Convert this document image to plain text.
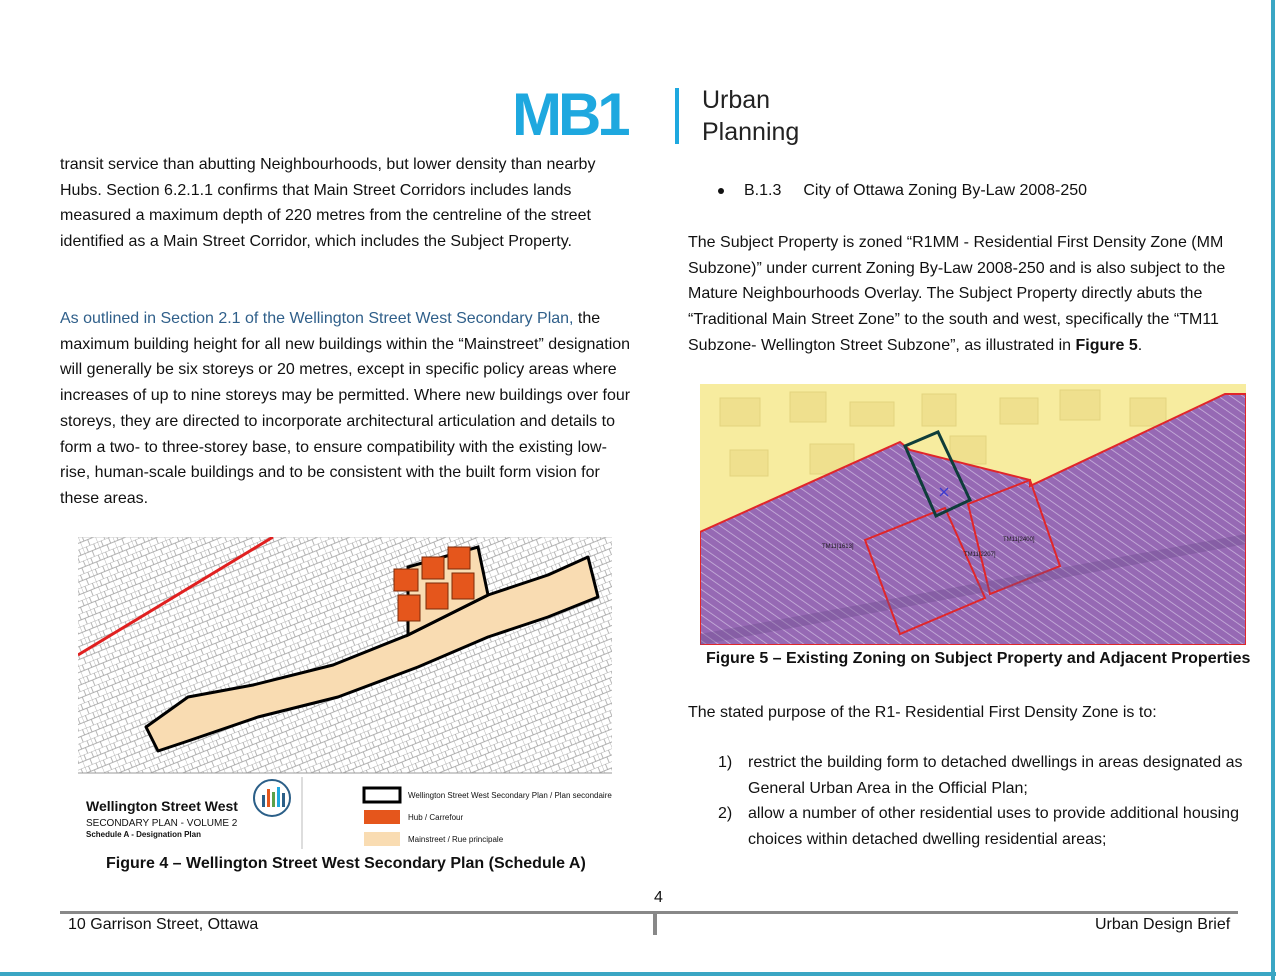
MB1	Urban
Planning

transit service than abutting Neighbourhoods, but lower density than nearby Hubs. Section 6.2.1.1 confirms that Main Street Corridors includes lands measured a maximum depth of 220 metres from the centreline of the street identified as a Main Street Corridor, which includes the Subject Property.

As outlined in Section 2.1 of the Wellington Street West Secondary Plan, the maximum building height for all new buildings within the “Mainstreet” designation will generally be six storeys or 20 metres, except in specific policy areas where increases of up to nine storeys may be permitted. Where new buildings over four storeys, they are directed to incorporate architectural articulation and details to form a two- to three-storey base, to ensure compatibility with the existing low-rise, human-scale buildings and to be consistent with the built form vision for these areas.

Wellington Street West
SECONDARY PLAN - VOLUME 2
Schedule A - Designation Plan
Wellington Street West Secondary Plan / Plan secondaire -
Hub / Carrefour
Mainstreet / Rue principale
Figure 4 – Wellington Street West Secondary Plan (Schedule A)
B.1.3 City of Ottawa Zoning By-Law 2008-250

The Subject Property is zoned “R1MM - Residential First Density Zone (MM Subzone)” under current Zoning By-Law 2008-250 and is also subject to the Mature Neighbourhoods Overlay. The Subject Property directly abuts the “Traditional Main Street Zone” to the south and west, specifically the “TM11 Subzone- Wellington Street Subzone”, as illustrated in Figure 5.

TM11[1613]
TM11[2400]
TM11[2207]
Figure 5 – Existing Zoning on Subject Property and Adjacent Properties

The stated purpose of the R1- Residential First Density Zone is to:

1) restrict the building form to detached dwellings in areas designated as General Urban Area in the Official Plan;
2) allow a number of other residential uses to provide additional housing choices within detached dwelling residential areas;
4
10 Garrison Street, Ottawa	Urban Design Brief
